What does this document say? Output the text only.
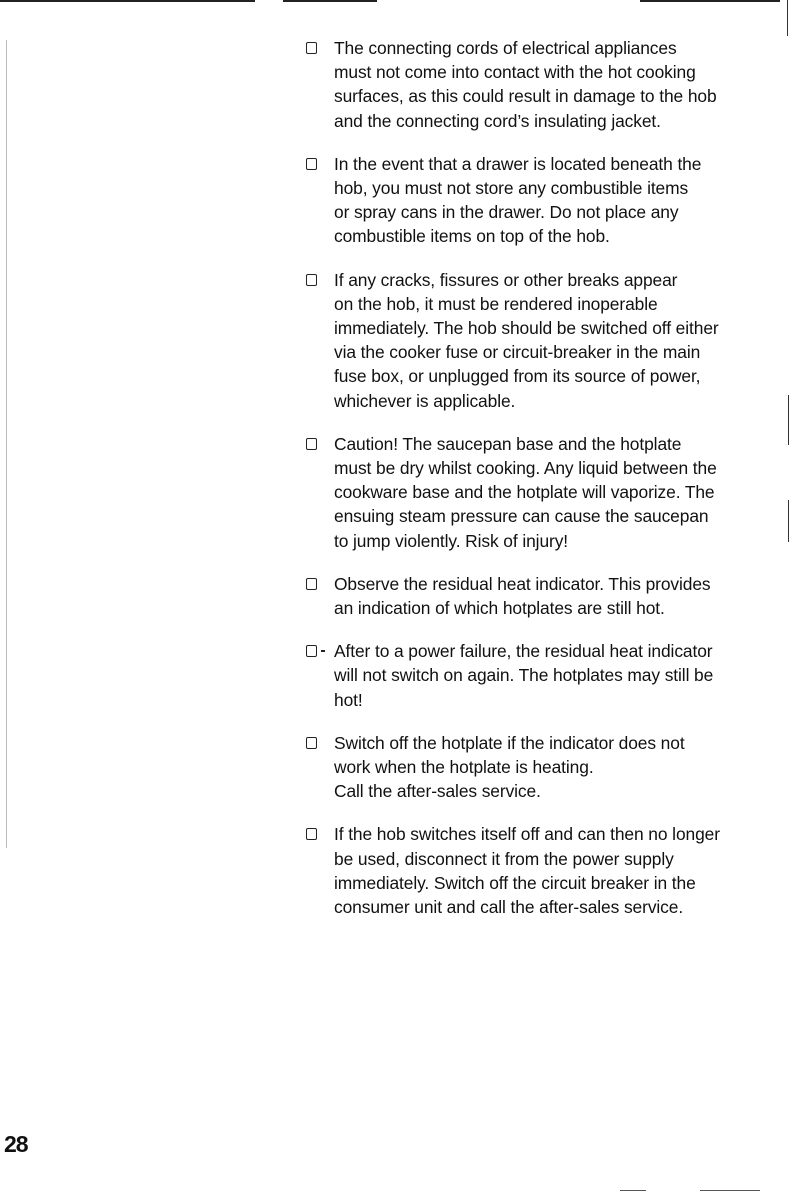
The connecting cords of electrical appliances
must not come into contact with the hot cooking
surfaces, as this could result in damage to the hob
and the connecting cord’s insulating jacket.
In the event that a drawer is located beneath the
hob, you must not store any combustible items
or spray cans in the drawer. Do not place any
combustible items on top of the hob.
If any cracks, fissures or other breaks appear
on the hob, it must be rendered inoperable
immediately. The hob should be switched off either
via the cooker fuse or circuit-breaker in the main
fuse box, or unplugged from its source of power,
whichever is applicable.
Caution! The saucepan base and the hotplate
must be dry whilst cooking. Any liquid between the
cookware base and the hotplate will vaporize. The
ensuing steam pressure can cause the saucepan
to jump violently. Risk of injury!
Observe the residual heat indicator. This provides
an indication of which hotplates are still hot.
After to a power failure, the residual heat indicator
will not switch on again. The hotplates may still be
hot!
Switch off the hotplate if the indicator does not
work when the hotplate is heating.
Call the after-sales service.
If the hob switches itself off and can then no longer
be used, disconnect it from the power supply
immediately. Switch off the circuit breaker in the
consumer unit and call the after-sales service.
28
